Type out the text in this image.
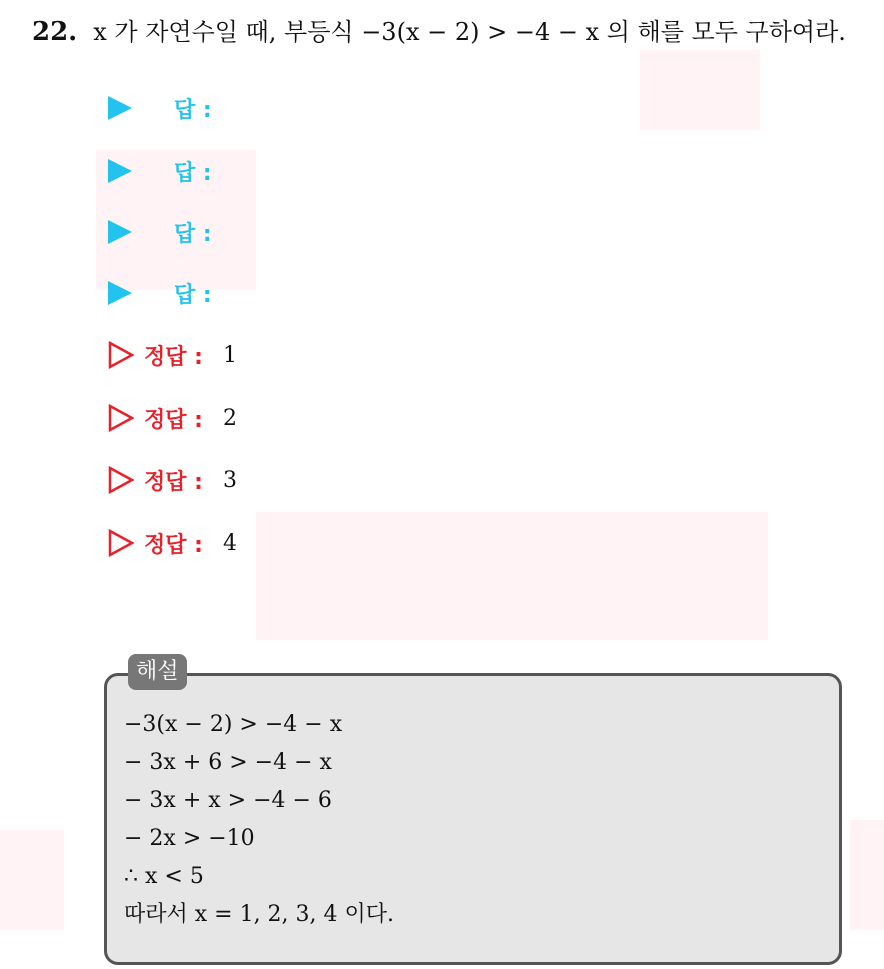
22. x 가 자연수일 때, 부등식 −3(x − 2) > −4 − x 의 해를 모두 구하여라.
답 :
답 :
답 :
답 :
정답 : 1
정답 : 2
정답 : 3
정답 : 4
해설
−3(x − 2) > −4 − x
− 3x + 6 > −4 − x
− 3x + x > −4 − 6
− 2x > −10
∴ x < 5
따라서 x = 1, 2, 3, 4 이다.
